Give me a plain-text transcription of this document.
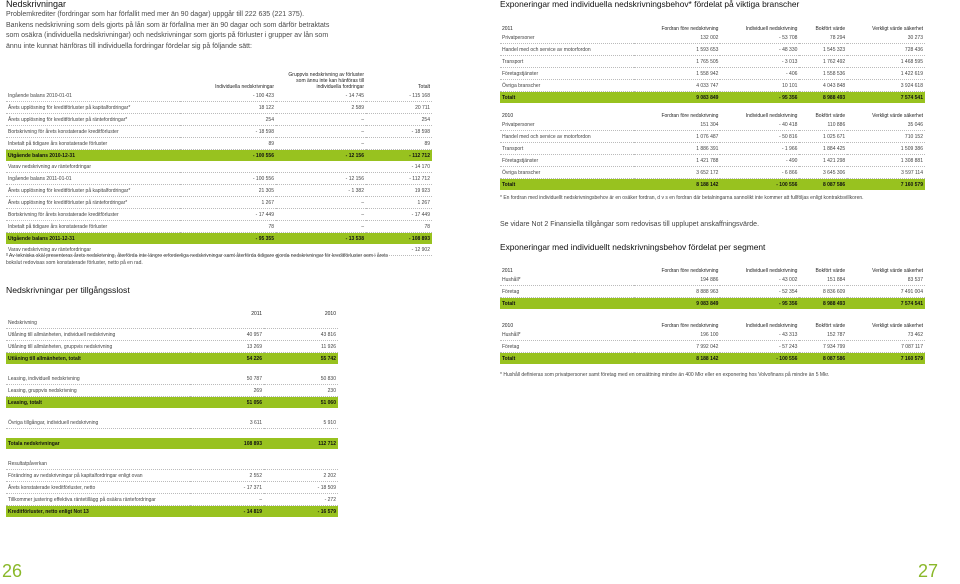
Nedskrivningar
Problemkrediter (fordringar som har förfallit med mer än 90 dagar) uppgår till 222 635 (221 375).
Bankens nedskrivning som dels gjorts på lån som är förfallna mer än 90 dagar och som därför betraktats
som osäkra (individuella nedskrivningar) och nedskrivningar som gjorts på förluster i grupper av lån som
ännu inte kunnat hänföras till individuella fordringar fördelar sig på följande sätt:
	Individuella nedskrivningar	Gruppvis nedskrivning av förluster som ännu inte kan hänföras till individuella fordringar	Totalt
Ingående balans 2010-01-01	- 100 423	- 14 745	- 115 168
Årets upplösning för kreditförluster på kapitalfordringar*	18 122	2 589	20 711
Årets upplösning för kreditförluster på räntefordringar*	254	–	254
Bortskrivning för årets konstaterade kreditförluster	- 18 598	–	- 18 598
Inbetalt på tidigare års konstaterade förluster	89	–	89
Utgående balans 2010-12-31	- 100 556	- 12 156	- 112 712
Varav nedskrivning av räntefordringar			- 14 170
Ingående balans 2011-01-01	- 100 556	- 12 156	- 112 712
Årets upplösning för kreditförluster på kapitalfordringar*	21 305	- 1 382	19 923
Årets upplösning för kreditförluster på räntefordringar*	1 267	–	1 267
Bortskrivning för årets konstaterade kreditförluster	- 17 449	–	- 17 449
Inbetalt på tidigare års konstaterade förluster	78	–	78
Utgående balans 2011-12-31	- 95 355	- 13 538	- 108 893
Varav nedskrivning av räntefordringar			- 12 902
* Av tekniska skäl presenteras årets nedskrivning, återförda inte längre erforderliga nedskrivningar samt återförda tidigare gjorda nedskrivningar för kreditförluster som i årets
bokslut redovisas som konstaterade förluster, netto på en rad.
Nedskrivningar per tillgångsslost
	2011	2010
Nedskrivning		
Utlåning till allmänheten, individuell nedskrivning	40 957	43 816
Utlåning till allmänheten, gruppvis nedskrivning	13 269	11 926
Utlåning till allmänheten, totalt	54 226	55 742

Leasing, individuell nedskrivning	50 787	50 830
Leasing, gruppvis nedskrivning	269	230
Leasing, totalt	51 056	51 060

Övriga tillgångar, individuell nedskrivning	3 611	5 910

Totala nedskrivningar	108 893	112 712

Resultatpåverkan		
Förändring av nedskrivningar på kapitalfordringar enligt ovan	2 552	2 202
Årets konstaterade kreditförluster, netto	- 17 371	- 18 509
Tillkommer justering effektiva räntetillägg på osäkra räntefordringar	–	- 272
Kreditförluster, netto enligt Not 13	- 14 819	- 16 579
26
Exponeringar med individuella nedskrivningsbehov* fördelat på viktiga branscher
2011	Fordran före nedskrivning	Individuell nedskrivning	Bokfört värde	Verkligt värde säkerhet
Privatpersoner	132 002	- 53 708	78 294	30 273
Handel med och service av motorfordon	1 593 653	- 48 330	1 545 323	728 436
Transport	1 765 505	- 3 013	1 762 492	1 468 595
Företagstjänster	1 558 942	- 406	1 558 536	1 422 619
Övriga branscher	4 033 747	10 101	4 043 848	3 924 618
Totalt	9 083 849	- 95 356	8 988 493	7 574 541
2010	Fordran före nedskrivning	Individuell nedskrivning	Bokfört värde	Verkligt värde säkerhet
Privatpersoner	151 304	- 40 418	110 886	35 046
Handel med och service av motorfordon	1 076 487	- 50 816	1 025 671	710 152
Transport	1 886 391	- 1 966	1 884 425	1 509 386
Företagstjänster	1 421 788	- 490	1 421 298	1 308 881
Övriga branscher	3 652 172	- 6 866	3 645 306	3 597 114
Totalt	8 188 142	- 100 556	8 087 586	7 160 579
* En fordran med individuellt nedskrivningsbehov är en osäker fordran, d v s en fordran där betalningarna sannolikt inte kommer att fullföljas enligt kontraktsvillkoren.
Se vidare Not 2 Finansiella tillgångar som redovisas till upplupet anskaffningsvärde.
Exponeringar med individuellt nedskrivningsbehov fördelat per segment
2011	Fordran före nedskrivning	Individuell nedskrivning	Bokfört värde	Verkligt värde säkerhet
Hushåll*	194 886	- 43 002	151 884	83 537
Företag	8 888 963	- 52 354	8 836 609	7 491 004
Totalt	9 083 849	- 95 356	8 988 493	7 574 541
2010	Fordran före nedskrivning	Individuell nedskrivning	Bokfört värde	Verkligt värde säkerhet
Hushåll*	196 100	- 43 313	152 787	73 462
Företag	7 992 042	- 57 243	7 934 799	7 087 117
Totalt	8 188 142	- 100 556	8 087 586	7 160 579
* Hushåll definieras som privatpersoner samt företag med en omsättning mindre än 400 Mkr eller en exponering hos Volvofinans på mindre än 5 Mkr.
27
